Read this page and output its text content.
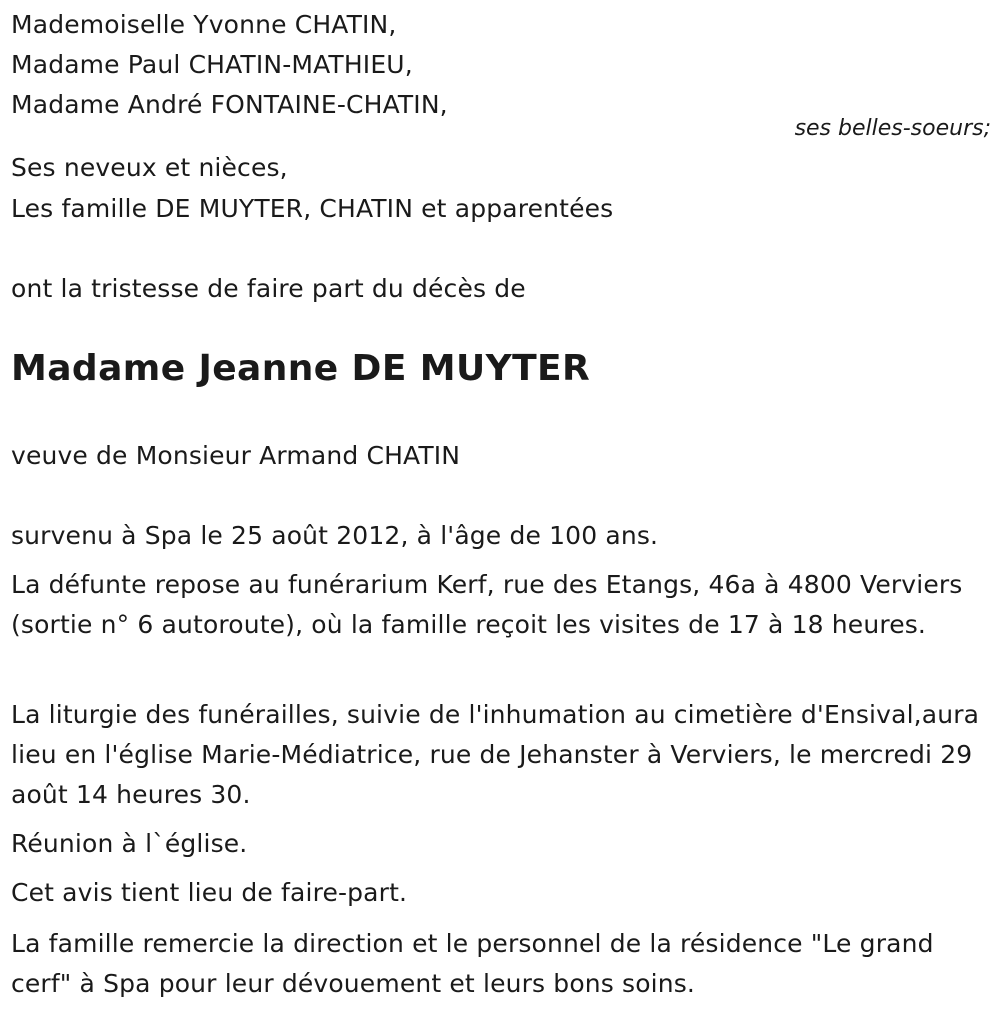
Mademoiselle Yvonne CHATIN,
Madame Paul CHATIN-MATHIEU,
Madame André FONTAINE-CHATIN,
ses belles-soeurs;
Ses neveux et nièces,
Les famille DE MUYTER, CHATIN et apparentées
ont la tristesse de faire part du décès de
Madame Jeanne DE MUYTER
veuve de Monsieur Armand CHATIN
survenu à Spa le 25 août 2012, à l'âge de 100 ans.
La défunte repose au funérarium Kerf, rue des Etangs, 46a à 4800 Verviers (sortie n° 6 autoroute), où la famille reçoit les visites de 17 à 18 heures.
La liturgie des funérailles, suivie de l'inhumation au cimetière d'Ensival,aura lieu en l'église Marie-Médiatrice, rue de Jehanster à Verviers, le mercredi 29 août 14 heures 30.
Réunion à l`église.
Cet avis tient lieu de faire-part.
La famille remercie la direction et le personnel de la résidence "Le grand cerf" à Spa pour leur dévouement et leurs bons soins.
